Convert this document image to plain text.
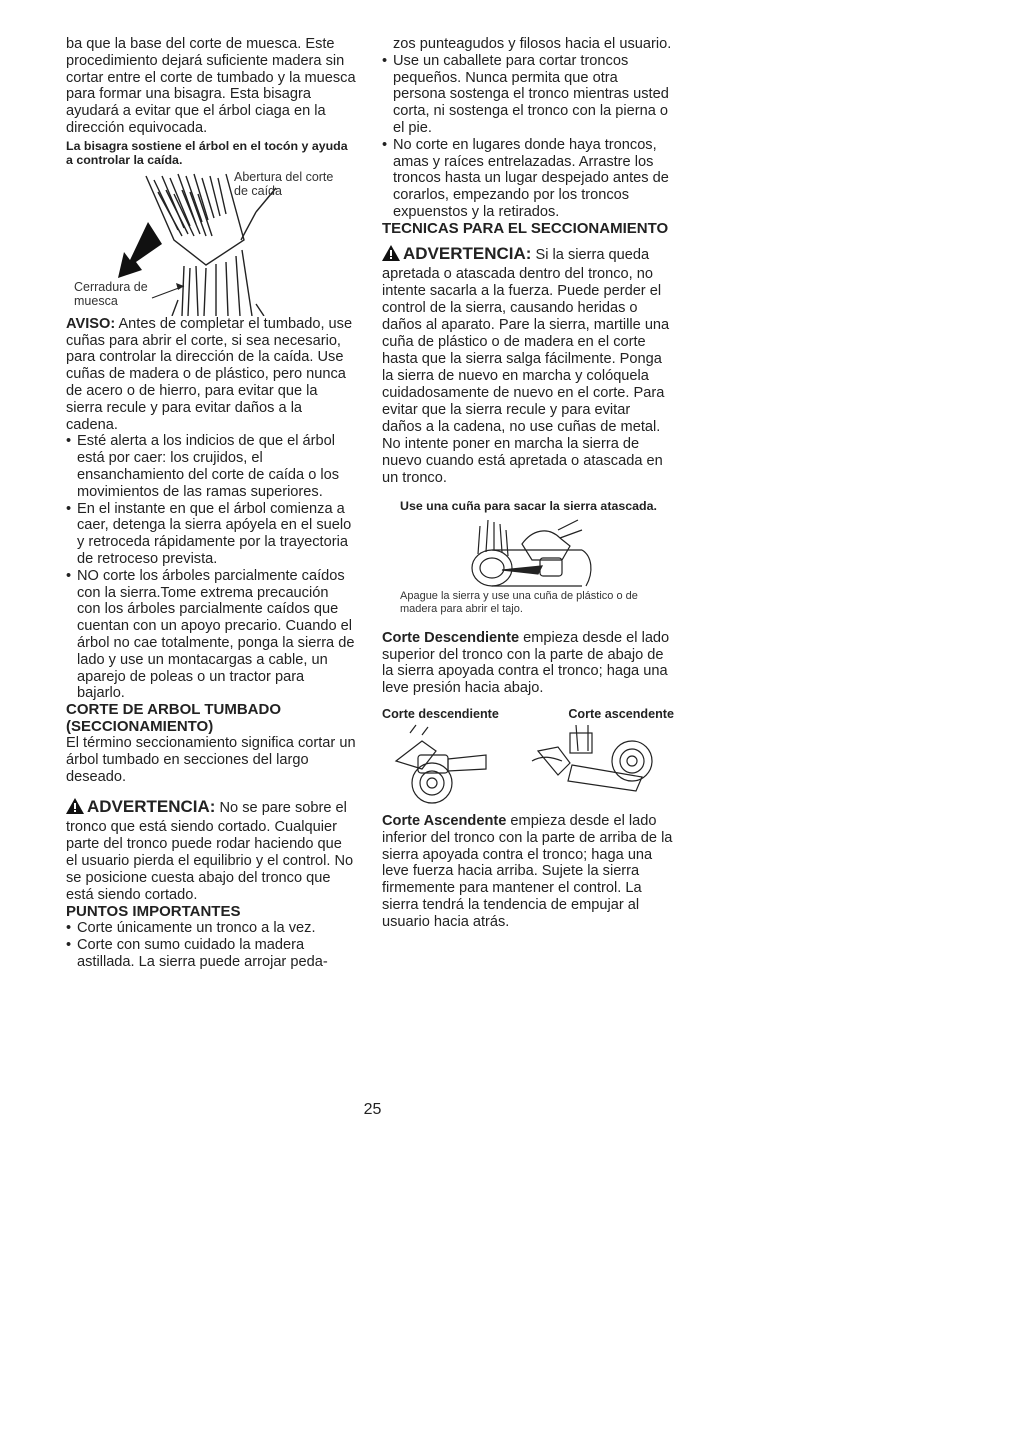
ba que la base del corte de muesca. Este procedimiento dejará suficiente madera sin cortar entre el corte de tumbado y la muesca para formar una bisagra. Esta bisagra ayudará a evitar que el árbol ciaga en la dirección equivocada.

La bisagra sostiene el árbol en el tocón y ayuda a controlar la caída.

Abertura del corte de caída
Cerradura de muesca

AVISO: Antes de completar el tumbado, use cuñas para abrir el corte, si sea necesario, para controlar la dirección de la caída. Use cuñas de madera o de plástico, pero nunca de acero o de hierro, para evitar que la sierra recule y para evitar daños a la cadena.

• Esté alerta a los indicios de que el árbol está por caer: los crujidos, el ensanchamiento del corte de caída o los movimientos de las ramas superiores.
• En el instante en que el árbol comienza a caer, detenga la sierra apóyela en el suelo y retroceda rápidamente por la trayectoria de retroceso prevista.
• NO corte los árboles parcialmente caídos con la sierra.Tome extrema precaución con los árboles parcialmente caídos que cuentan con un apoyo precario. Cuando el árbol no cae totalmente, ponga la sierra de lado y use un montacargas a cable, un aparejo de poleas o un tractor para bajarlo.

CORTE DE ARBOL TUMBADO (SECCIONAMIENTO)

El término seccionamiento significa cortar un árbol tumbado en secciones del largo deseado.

ADVERTENCIA: No se pare sobre el tronco que está siendo cortado. Cualquier parte del tronco puede rodar haciendo que el usuario pierda el equilibrio y el control. No se posicione cuesta abajo del tronco que está siendo cortado.

PUNTOS IMPORTANTES

• Corte únicamente un tronco a la vez.
• Corte con sumo cuidado la madera astillada. La sierra puede arrojar peda-

zos punteagudos y filosos hacia el usuario.

• Use un caballete para cortar troncos pequeños. Nunca permita que otra persona sostenga el tronco mientras usted corta, ni sostenga el tronco con la pierna o el pie.
• No corte en lugares donde haya troncos, amas y raíces entrelazadas. Arrastre los troncos hasta un lugar despejado antes de corarlos, empezando por los troncos expuenstos y la retirados.

TECNICAS PARA EL SECCIONAMIENTO

ADVERTENCIA: Si la sierra queda apretada o atascada dentro del tronco, no intente sacarla a la fuerza. Puede perder el control de la sierra, causando heridas o daños al aparato. Pare la sierra, martille una cuña de plástico o de madera en el corte hasta que la sierra salga fácilmente. Ponga la sierra de nuevo en marcha y colóquela cuidadosamente de nuevo en el corte. Para evitar que la sierra recule y para evitar daños a la cadena, no use cuñas de metal. No intente poner en marcha la sierra de nuevo cuando está apretada o atascada en un tronco.

Use una cuña para sacar la sierra atascada.

Apague la sierra y use una cuña de plástico o de madera para abrir el tajo.

Corte Descendiente empieza desde el lado superior del tronco con la parte de abajo de la sierra apoyada contra el tronco; haga una leve presión hacia abajo.

Corte descendiente	Corte ascendente

Corte Ascendente empieza desde el lado inferior del tronco con la parte de arriba de la sierra apoyada contra el tronco; haga una leve fuerza hacia arriba. Sujete la sierra firmemente para mantener el control. La sierra tendrá la tendencia de empujar al usuario hacia atrás.

25
